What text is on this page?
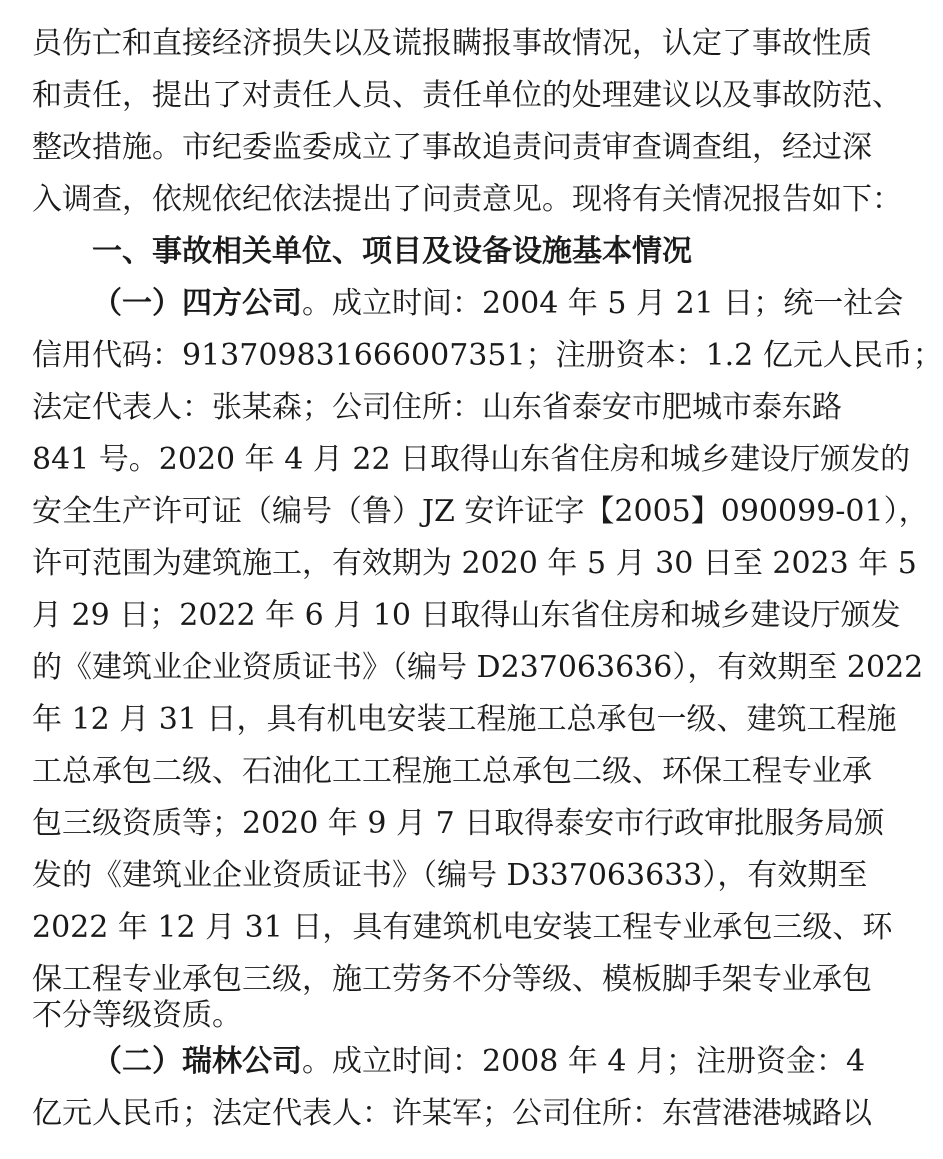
员伤亡和直接经济损失以及谎报瞒报事故情况，认定了事故性质
和责任，提出了对责任人员、责任单位的处理建议以及事故防范、
整改措施。市纪委监委成立了事故追责问责审查调查组，经过深
入调查，依规依纪依法提出了问责意见。现将有关情况报告如下：
一、事故相关单位、项目及设备设施基本情况
（一）四方公司。成立时间：2004 年 5 月 21 日；统一社会
信用代码：913709831666007351；注册资本：1.2 亿元人民币；
法定代表人：张某森；公司住所：山东省泰安市肥城市泰东路
841 号。2020 年 4 月 22 日取得山东省住房和城乡建设厅颁发的
安全生产许可证（编号（鲁）JZ 安许证字【2005】090099-01），
许可范围为建筑施工，有效期为 2020 年 5 月 30 日至 2023 年 5
月 29 日；2022 年 6 月 10 日取得山东省住房和城乡建设厅颁发
的《建筑业企业资质证书》（编号 D237063636），有效期至 2022
年 12 月 31 日，具有机电安装工程施工总承包一级、建筑工程施
工总承包二级、石油化工工程施工总承包二级、环保工程专业承
包三级资质等；2020 年 9 月 7 日取得泰安市行政审批服务局颁
发的《建筑业企业资质证书》（编号 D337063633），有效期至
2022 年 12 月 31 日，具有建筑机电安装工程专业承包三级、环
保工程专业承包三级，施工劳务不分等级、模板脚手架专业承包
不分等级资质。
（二）瑞林公司。成立时间：2008 年 4 月；注册资金：4
亿元人民币；法定代表人：许某军；公司住所：东营港港城路以
